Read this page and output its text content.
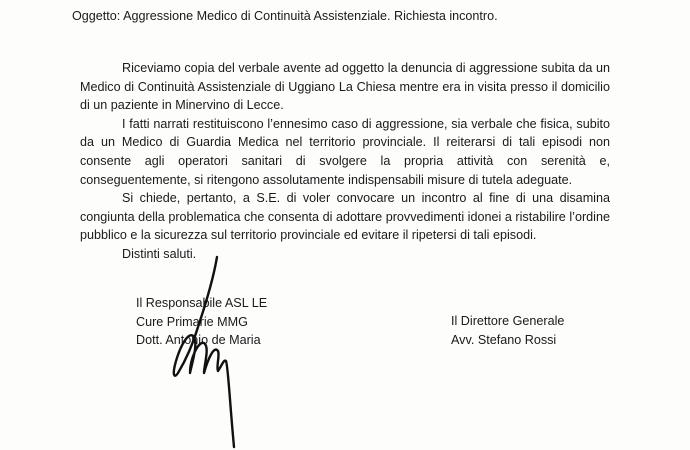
Oggetto: Aggressione Medico di Continuità Assistenziale. Richiesta incontro.

Riceviamo copia del verbale avente ad oggetto la denuncia di aggressione subita da un Medico di Continuità Assistenziale di Uggiano La Chiesa mentre era in visita presso il domicilio di un paziente in Minervino di Lecce.

I fatti narrati restituiscono l’ennesimo caso di aggressione, sia verbale che fisica, subito da un Medico di Guardia Medica nel territorio provinciale. Il reiterarsi di tali episodi non consente agli operatori sanitari di svolgere la propria attività con serenità e, conseguentemente, si ritengono assolutamente indispensabili misure di tutela adeguate.

Si chiede, pertanto, a S.E. di voler convocare un incontro al fine di una disamina congiunta della problematica che consenta di adottare provvedimenti idonei a ristabilire l’ordine pubblico e la sicurezza sul territorio provinciale ed evitare il ripetersi di tali episodi.

Distinti saluti.

Il Responsabile ASL LE
Cure Primarie MMG
Dott. Antonio de Maria
Il Direttore Generale
Avv. Stefano Rossi
